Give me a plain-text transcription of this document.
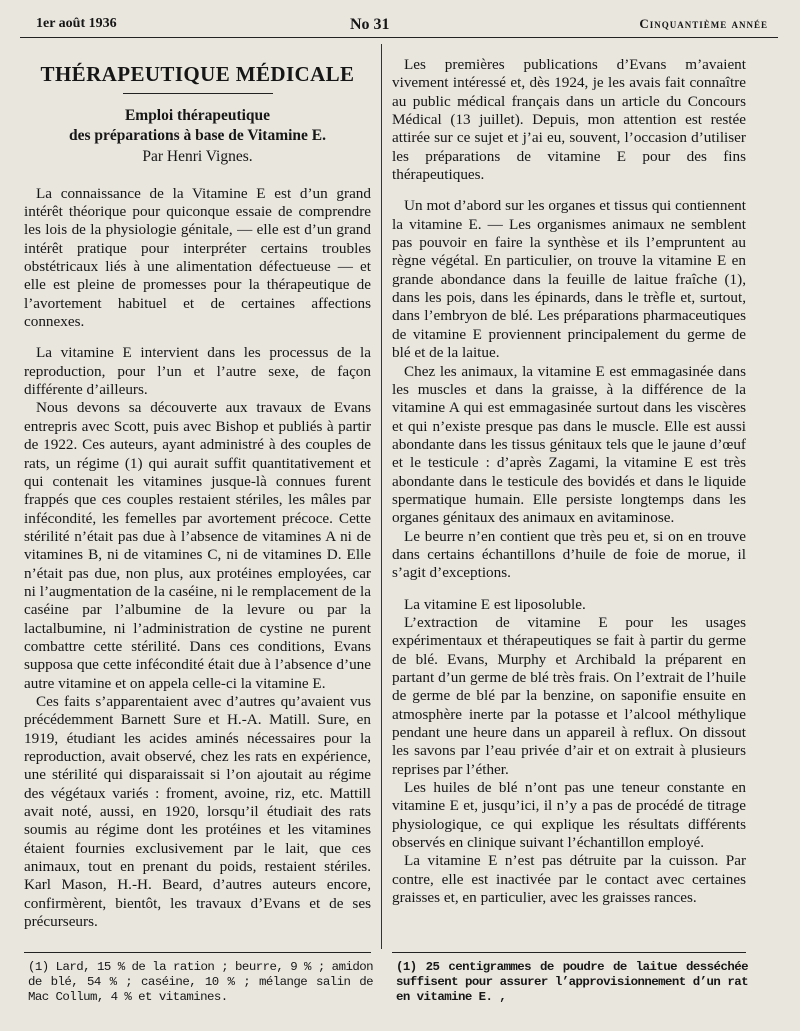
1er août 1936	No 31	Cinquantième année
THÉRAPEUTIQUE MÉDICALE
Emploi thérapeutique
des préparations à base de Vitamine E.
Par Henri Vignes.

La connaissance de la Vitamine E est d’un grand intérêt théorique pour quiconque essaie de comprendre les lois de la physiologie génitale, — elle est d’un grand intérêt pratique pour interpréter certains troubles obstétricaux liés à une alimentation défectueuse — et elle est pleine de promesses pour la thérapeutique de l’avortement habituel et de certaines affections connexes.

La vitamine E intervient dans les processus de la reproduction, pour l’un et l’autre sexe, de façon différente d’ailleurs.

Nous devons sa découverte aux travaux de Evans entrepris avec Scott, puis avec Bishop et publiés à partir de 1922. Ces auteurs, ayant administré à des couples de rats, un régime (1) qui aurait suffit quantitativement et qui contenait les vitamines jusque-là connues furent frappés que ces couples restaient stériles, les mâles par infécondité, les femelles par avortement précoce. Cette stérilité n’était pas due à l’absence de vitamines A ni de vitamines B, ni de vitamines C, ni de vitamines D. Elle n’était pas due, non plus, aux protéines employées, car ni l’augmentation de la caséine, ni le remplacement de la caséine par l’albumine de la levure ou par la lactalbumine, ni l’administration de cystine ne purent combattre cette stérilité. Dans ces conditions, Evans supposa que cette infécondité était due à l’absence d’une autre vitamine et on appela celle-ci la vitamine E.

Ces faits s’apparentaient avec d’autres qu’avaient vus précédemment Barnett Sure et H.-A. Matill. Sure, en 1919, étudiant les acides aminés nécessaires pour la reproduction, avait observé, chez les rats en expérience, une stérilité qui disparaissait si l’on ajoutait au régime des végétaux variés : froment, avoine, riz, etc. Mattill avait noté, aussi, en 1920, lorsqu’il étudiait des rats soumis au régime dont les protéines et les vitamines étaient fournies exclusivement par le lait, que ces animaux, tout en prenant du poids, restaient stériles. Karl Mason, H.-H. Beard, d’autres auteurs encore, confirmèrent, bientôt, les travaux d’Evans et de ses précurseurs.

Les premières publications d’Evans m’avaient vivement intéressé et, dès 1924, je les avais fait connaître au public médical français dans un article du Concours Médical (13 juillet). Depuis, mon attention est restée attirée sur ce sujet et j’ai eu, souvent, l’occasion d’utiliser les préparations de vitamine E pour des fins thérapeutiques.

Un mot d’abord sur les organes et tissus qui contiennent la vitamine E. — Les organismes animaux ne semblent pas pouvoir en faire la synthèse et ils l’empruntent au règne végétal. En particulier, on trouve la vitamine E en grande abondance dans la feuille de laitue fraîche (1), dans les pois, dans les épinards, dans le trèfle et, surtout, dans l’embryon de blé. Les préparations pharmaceutiques de vitamine E proviennent principalement du germe de blé et de la laitue.

Chez les animaux, la vitamine E est emmagasinée dans les muscles et dans la graisse, à la différence de la vitamine A qui est emmagasinée surtout dans les viscères et qui n’existe presque pas dans le muscle. Elle est aussi abondante dans les tissus génitaux tels que le jaune d’œuf et le testicule : d’après Zagami, la vitamine E est très abondante dans le testicule des bovidés et dans le liquide spermatique humain. Elle persiste longtemps dans les organes génitaux des animaux en avitaminose.

Le beurre n’en contient que très peu et, si on en trouve dans certains échantillons d’huile de foie de morue, il s’agit d’exceptions.

La vitamine E est liposoluble.

L’extraction de vitamine E pour les usages expérimentaux et thérapeutiques se fait à partir du germe de blé. Evans, Murphy et Archibald la préparent en partant d’un germe de blé très frais. On l’extrait de l’huile de germe de blé par la benzine, on saponifie ensuite en atmosphère inerte par la potasse et l’alcool méthylique pendant une heure dans un appareil à reflux. On dissout les savons par l’eau privée d’air et on extrait à plusieurs reprises par l’éther.

Les huiles de blé n’ont pas une teneur constante en vitamine E et, jusqu’ici, il n’y a pas de procédé de titrage physiologique, ce qui explique les résultats différents observés en clinique suivant l’échantillon employé.

La vitamine E n’est pas détruite par la cuisson. Par contre, elle est inactivée par le contact avec certaines graisses et, en particulier, avec les graisses rances.

(1) Lard, 15 % de la ration ; beurre, 9 % ; amidon de blé, 54 % ; caséine, 10 % ; mélange salin de Mac Collum, 4 % et vitamines.
(1) 25 centigrammes de poudre de laitue desséchée suffisent pour assurer l’approvisionnement d’un rat en vitamine E. ,
